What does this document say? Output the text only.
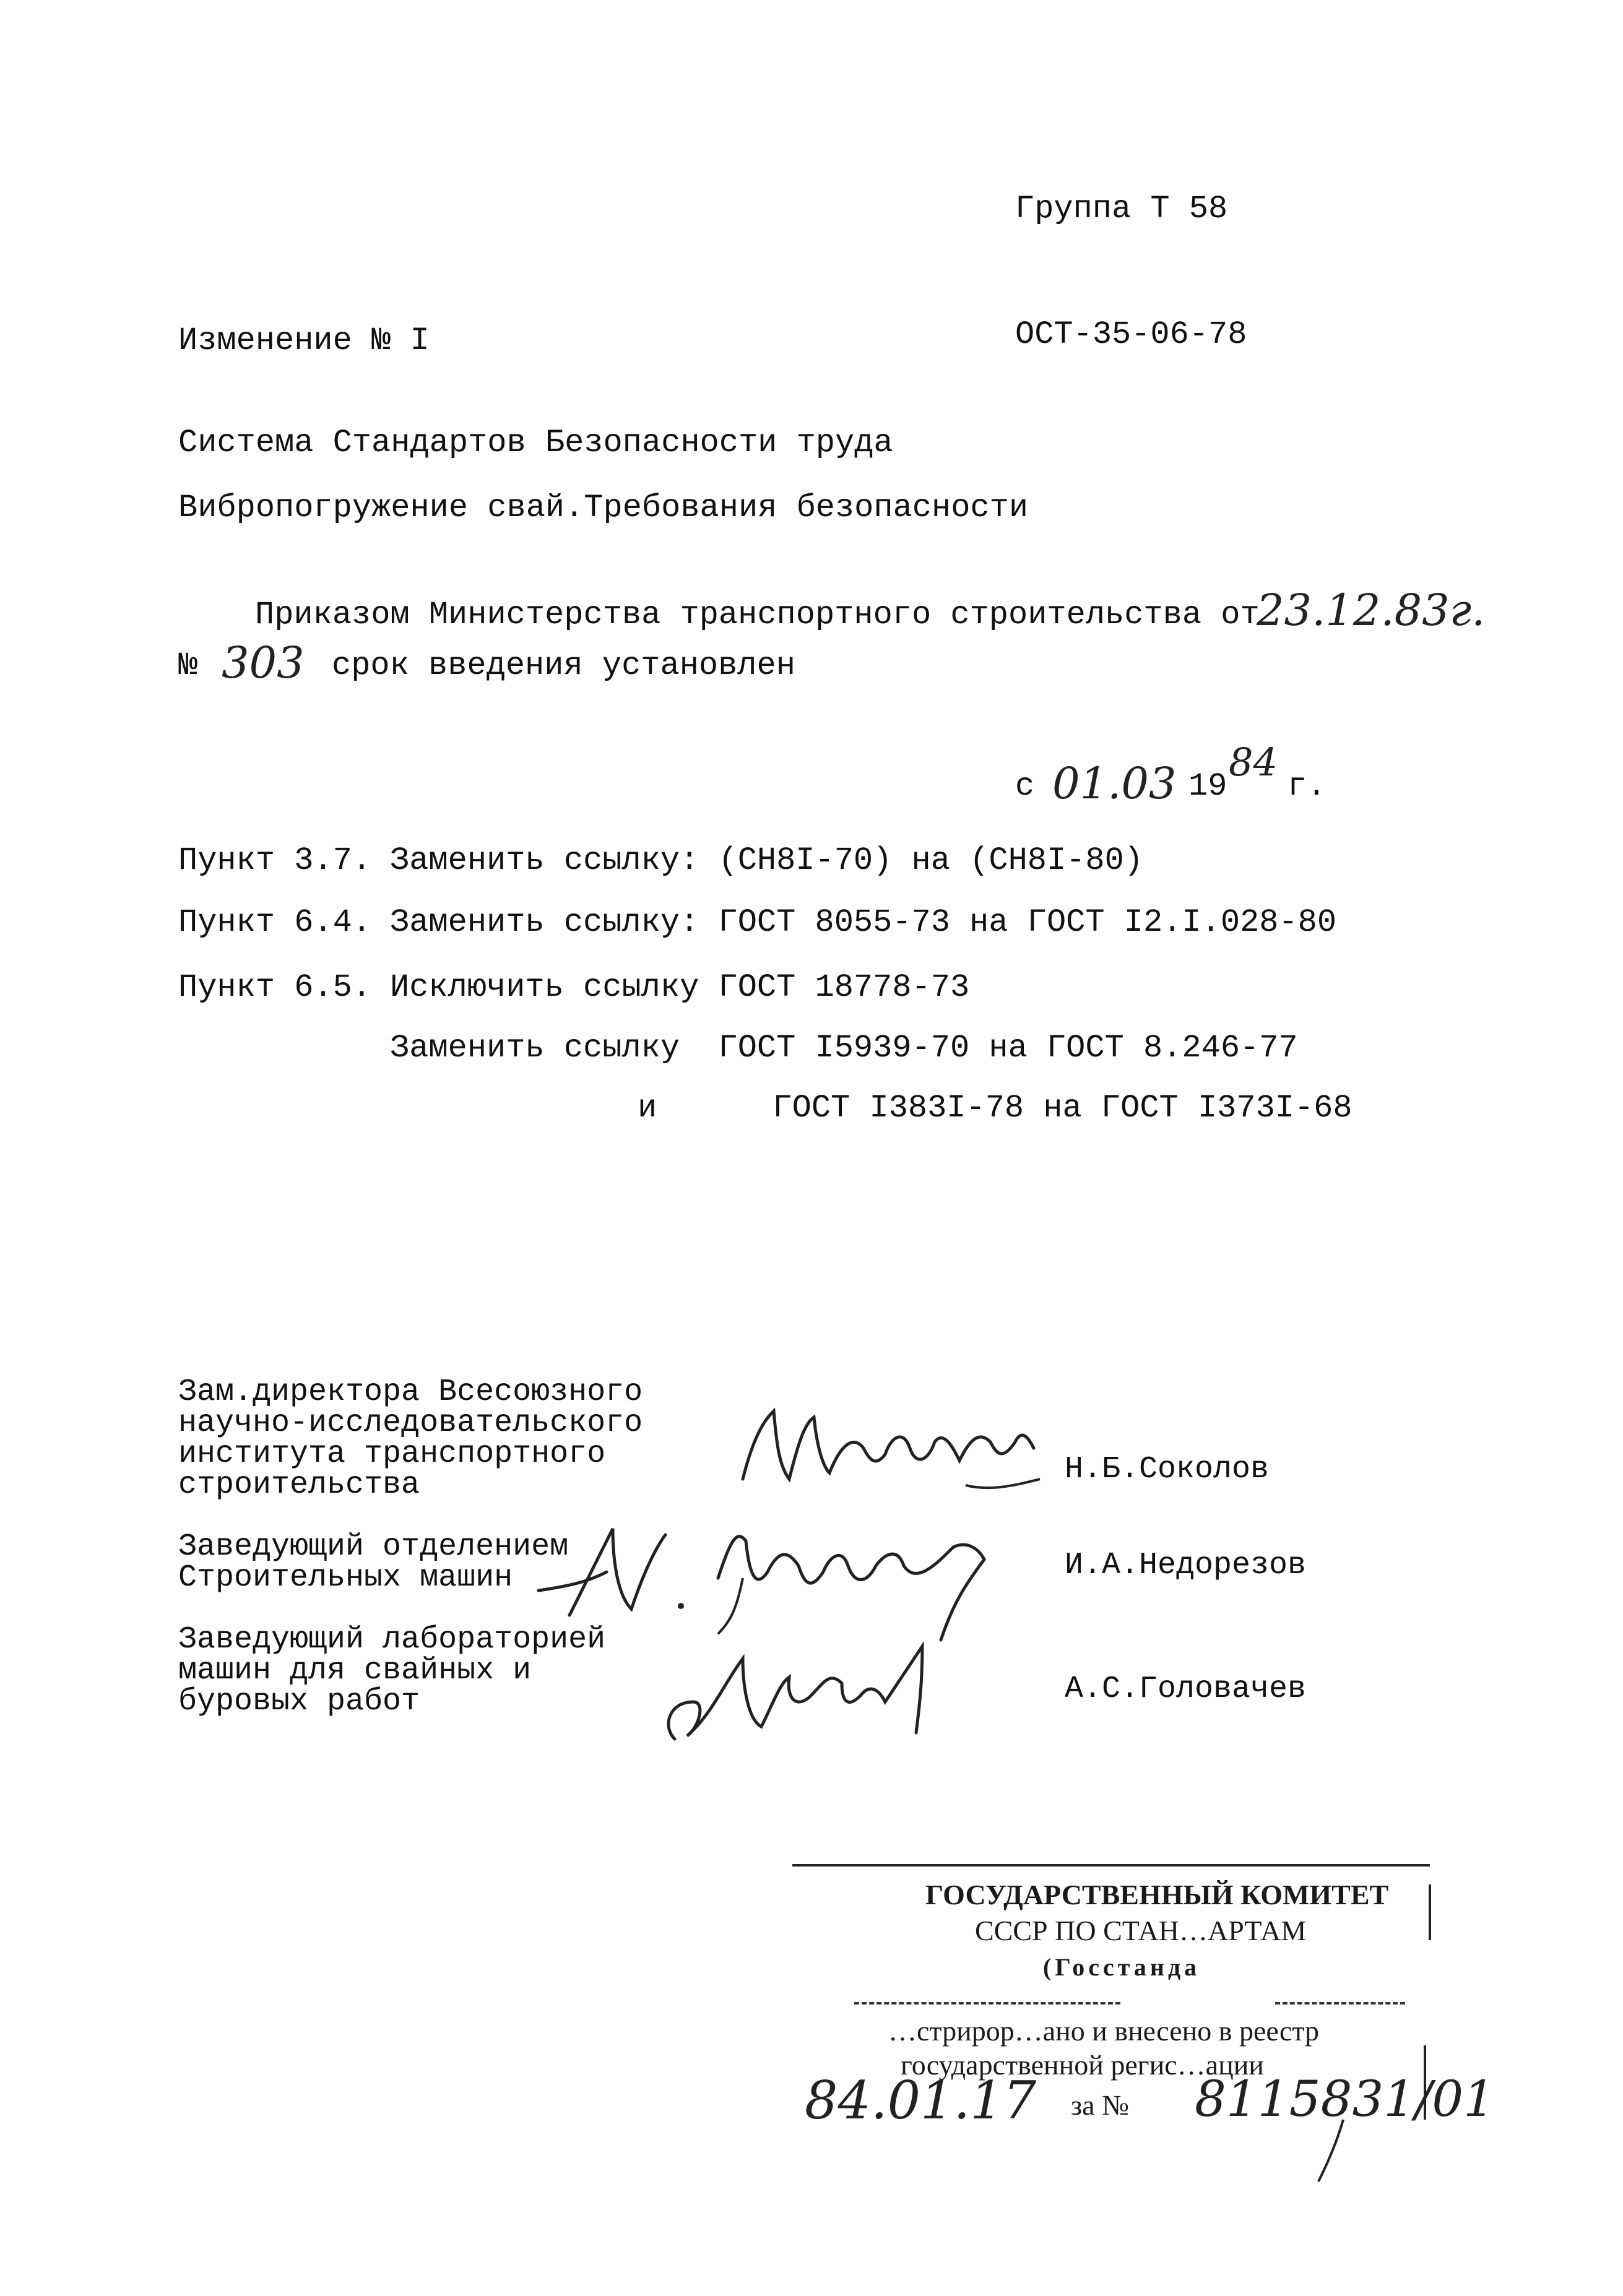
Группа Т 58
Изменение № I	ОСТ-35-06-78
Система Стандартов Безопасности труда
Вибропогружение свай.Требования безопасности
Приказом Министерства транспортного строительства от
23.12.83г.
№ 303 срок введения установлен
с 01.03 19
84
г.
Пункт 3.7. Заменить ссылку: (СН8I-70) на (СН8I-80)
Пункт 6.4. Заменить ссылку: ГОСТ 8055-73 на ГОСТ I2.I.028-80
Пункт 6.5. Исключить ссылку ГОСТ 18778-73
Заменить ссылку  ГОСТ I5939-70 на ГОСТ 8.246-77
и      ГОСТ I383I-78 на ГОСТ I373I-68
Зам.директора Всесоюзного
научно-исследовательского
института транспортного
строительства	Н.Б.Соколов
Заведующий отделением
Строительных машин	И.А.Недорезов
Заведующий лабораторией
машин для свайных и
буровых работ	А.С.Головачев
ГОСУДАРСТВЕННЫЙ КОМИТЕТ
СССР ПО СТАН…АРТАМ
(Госстанда
…стрирор…ано и внесено в реестр
государственной регис…ации
84.01.17 за № 8115831/01
